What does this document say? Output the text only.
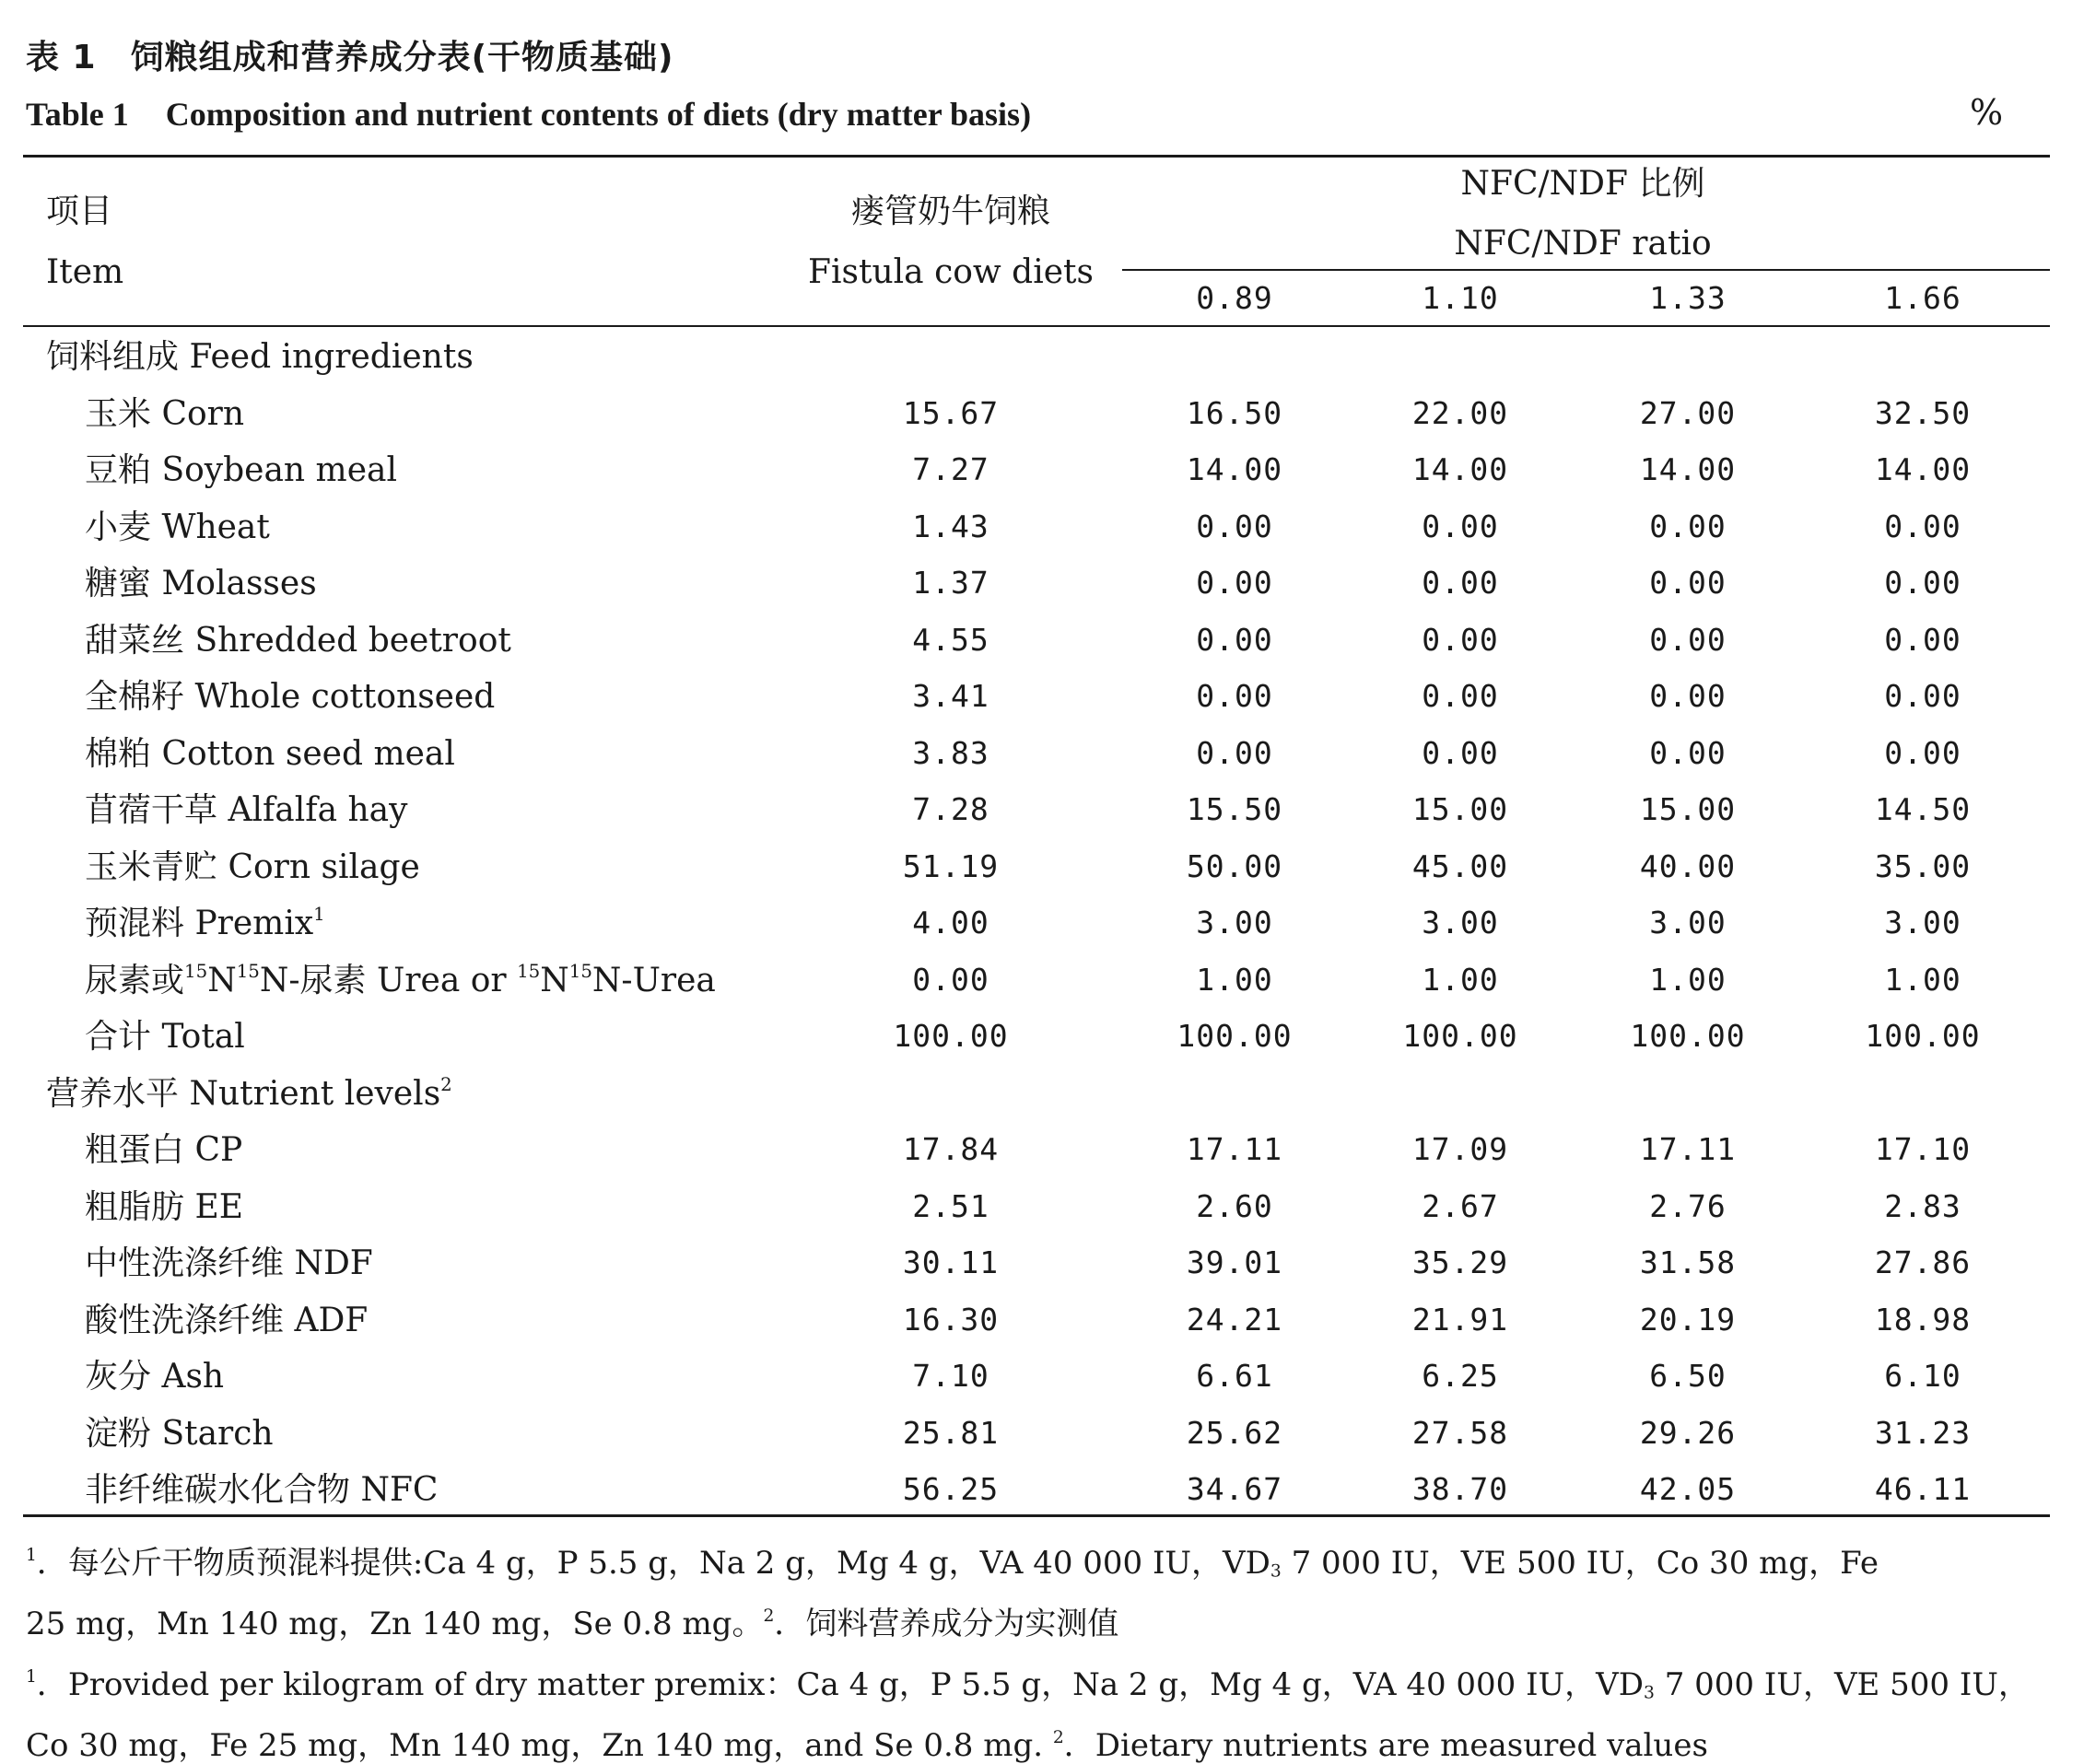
表 1　饲粮组成和营养成分表(干物质基础)
Table 1 Composition and nutrient contents of diets (dry matter basis)	%
项目
Item
瘘管奶牛饲粮
Fistula cow diets
NFC/NDF 比例
NFC/NDF ratio
0.89	1.10	1.33	1.66
饲料组成 Feed ingredients
玉米 Corn	15.67	16.50	22.00	27.00	32.50
豆粕 Soybean meal	7.27	14.00	14.00	14.00	14.00
小麦 Wheat	1.43	0.00	0.00	0.00	0.00
糖蜜 Molasses	1.37	0.00	0.00	0.00	0.00
甜菜丝 Shredded beetroot	4.55	0.00	0.00	0.00	0.00
全棉籽 Whole cottonseed	3.41	0.00	0.00	0.00	0.00
棉粕 Cotton seed meal	3.83	0.00	0.00	0.00	0.00
苜蓿干草 Alfalfa hay	7.28	15.50	15.00	15.00	14.50
玉米青贮 Corn silage	51.19	50.00	45.00	40.00	35.00
预混料 Premix$^1$	4.00	3.00	3.00	3.00	3.00
尿素或$^{15}N^{15}N-$尿素 Urea or $^{15}N^{15}N$-Urea	0.00	1.00	1.00	1.00	1.00
合计 Total	100.00	100.00	100.00	100.00	100.00
营养水平 Nutrient levels$^2$
粗蛋白 CP	17.84	17.11	17.09	17.11	17.10
粗脂肪 EE	2.51	2.60	2.67	2.76	2.83
中性洗涤纤维 NDF	30.11	39.01	35.29	31.58	27.86
酸性洗涤纤维 ADF	16.30	24.21	21.91	20.19	18.98
灰分 Ash	7.10	6.61	6.25	6.50	6.10
淀粉 Starch	25.81	25.62	27.58	29.26	31.23
非纤维碳水化合物 NFC	56.25	34.67	38.70	42.05	46.11
$^1$．每公斤干物质预混料提供:Ca 4 g，P 5.5 g，Na 2 g，Mg 4 g，VA 40 000 IU，$VD_3$ 7 000 IU，VE 500 IU，Co 30 mg，Fe
25 mg，Mn 140 mg，Zn 140 mg，Se 0.8 mg。$^2$．饲料营养成分为实测值
$^1$．Provided per kilogram of dry matter premix：Ca 4 g，P 5.5 g，Na 2 g，Mg 4 g，VA 40 000 IU，$VD_3$ 7 000 IU，VE 500 IU，
Co 30 mg，Fe 25 mg，Mn 140 mg，Zn 140 mg，and Se 0.8 mg. $^2$．Dietary nutrients are measured values
